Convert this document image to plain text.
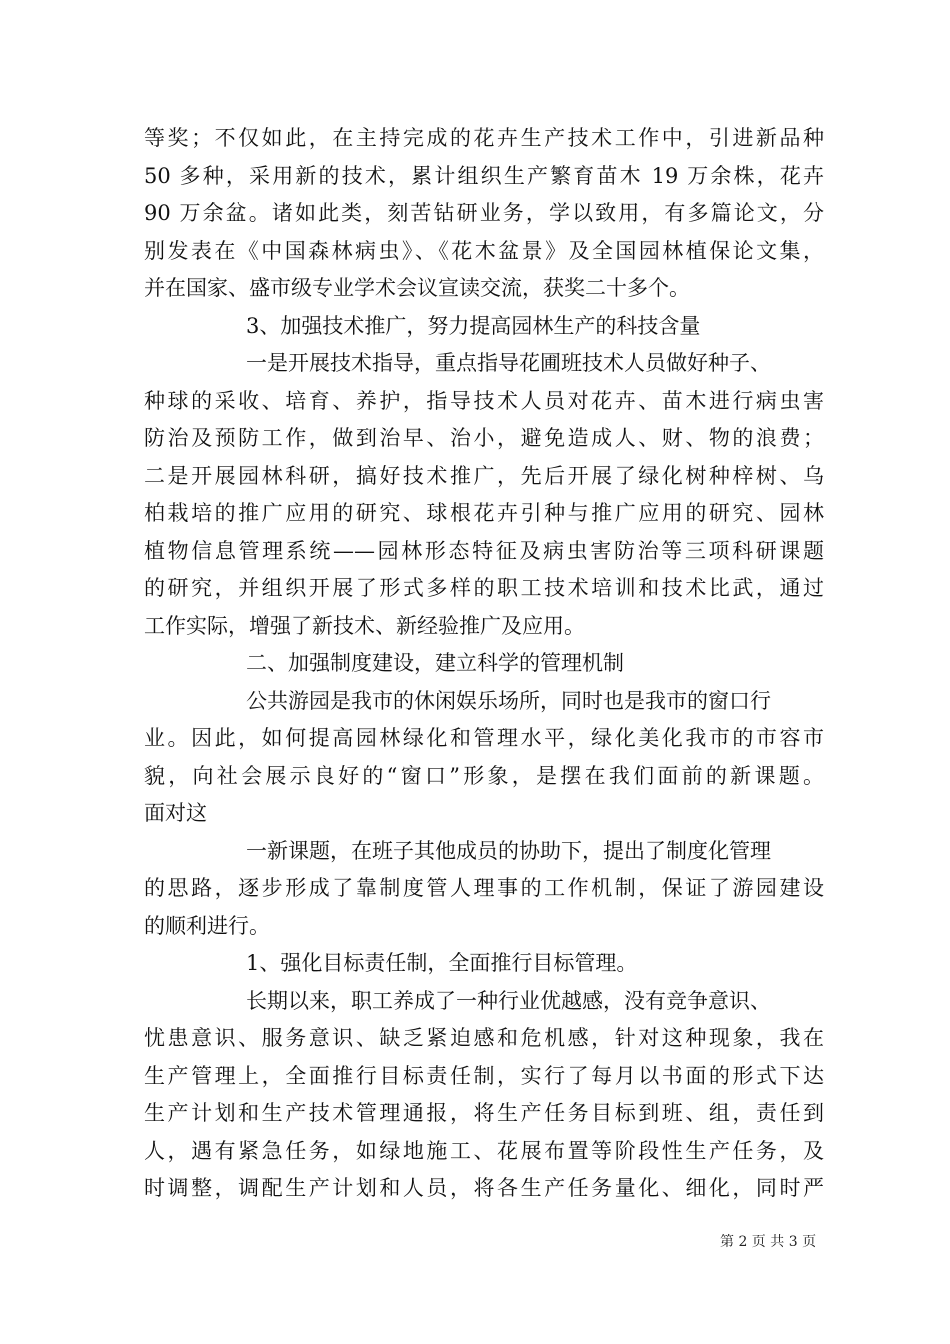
等奖；不仅如此，在主持完成的花卉生产技术工作中，引进新品种
50 多种，采用新的技术，累计组织生产繁育苗木 19 万余株，花卉
90 万余盆。诸如此类，刻苦钻研业务，学以致用，有多篇论文，分
别发表在《中国森林病虫》、《花木盆景》及全国园林植保论文集，
并在国家、盛市级专业学术会议宣读交流，获奖二十多个。
3、加强技术推广，努力提高园林生产的科技含量
一是开展技术指导，重点指导花圃班技术人员做好种子、
种球的采收、培育、养护，指导技术人员对花卉、苗木进行病虫害
防治及预防工作，做到治早、治小，避免造成人、财、物的浪费；
二是开展园林科研，搞好技术推广，先后开展了绿化树种梓树、乌
柏栽培的推广应用的研究、球根花卉引种与推广应用的研究、园林
植物信息管理系统——园林形态特征及病虫害防治等三项科研课题
的研究，并组织开展了形式多样的职工技术培训和技术比武，通过
工作实际，增强了新技术、新经验推广及应用。
二、加强制度建设，建立科学的管理机制
公共游园是我市的休闲娱乐场所，同时也是我市的窗口行
业。因此，如何提高园林绿化和管理水平，绿化美化我市的市容市
貌，向社会展示良好的“窗口”形象，是摆在我们面前的新课题。
面对这
一新课题，在班子其他成员的协助下，提出了制度化管理
的思路，逐步形成了靠制度管人理事的工作机制，保证了游园建设
的顺利进行。
1、强化目标责任制，全面推行目标管理。
长期以来，职工养成了一种行业优越感，没有竞争意识、
忧患意识、服务意识、缺乏紧迫感和危机感，针对这种现象，我在
生产管理上，全面推行目标责任制，实行了每月以书面的形式下达
生产计划和生产技术管理通报，将生产任务目标到班、组，责任到
人，遇有紧急任务，如绿地施工、花展布置等阶段性生产任务，及
时调整，调配生产计划和人员，将各生产任务量化、细化，同时严
第 2 页 共 3 页
